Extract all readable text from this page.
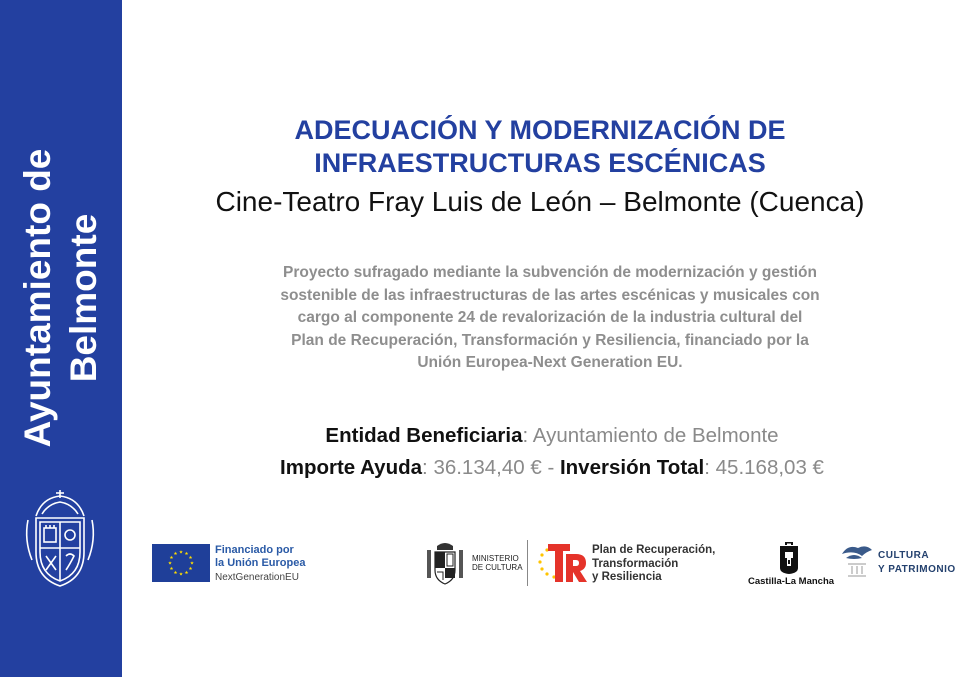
Ayuntamiento de Belmonte
ADECUACIÓN Y MODERNIZACIÓN DE
INFRAESTRUCTURAS ESCÉNICAS
Cine-Teatro Fray Luis de León – Belmonte (Cuenca)
Proyecto sufragado mediante la subvención de modernización y gestión
sostenible de las infraestructuras de las artes escénicas y musicales con
cargo al componente 24 de revalorización de la industria cultural del
Plan de Recuperación, Transformación y Resiliencia, financiado por la
Unión Europea-Next Generation EU.
Entidad Beneficiaria: Ayuntamiento de Belmonte
Importe Ayuda: 36.134,40 € - Inversión Total: 45.168,03 €
Financiado por
la Unión Europea
NextGenerationEU
MINISTERIO
DE CULTURA
Plan de Recuperación,
Transformación
y Resiliencia	Castilla-La Mancha
CULTURA
Y PATRIMONIO
